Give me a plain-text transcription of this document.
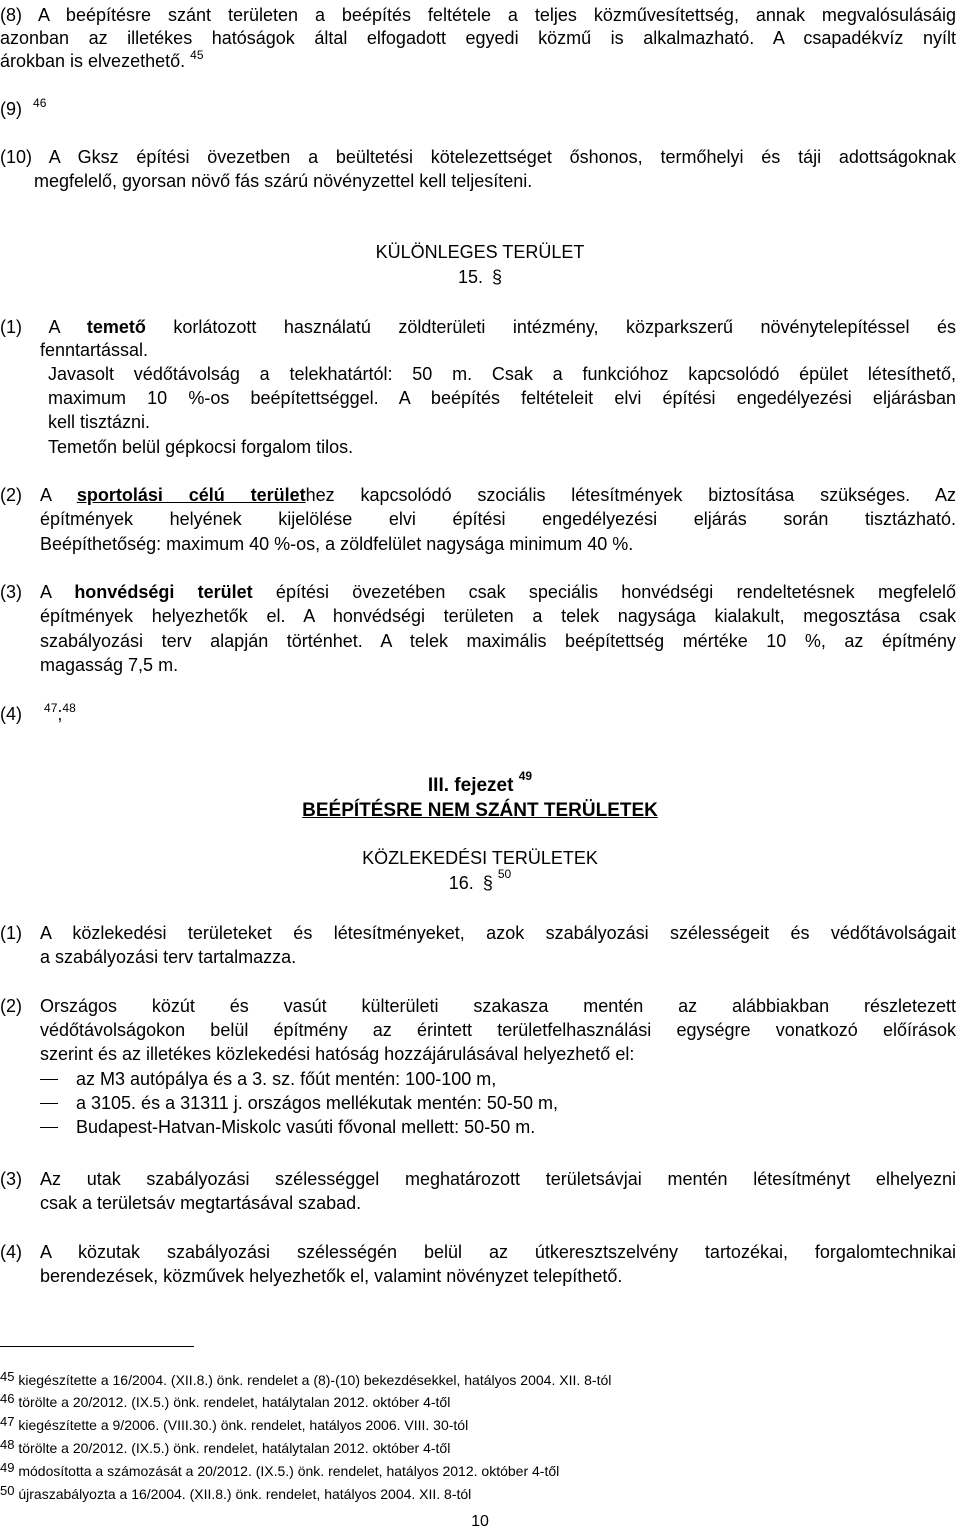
(8) A beépítésre szánt területen a beépítés feltétele a teljes közművesítettség, annak megvalósulásáig
azonban az illetékes hatóságok által elfogadott egyedi közmű is alkalmazható. A csapadékvíz nyílt
árokban is elvezethető. $^{45}$
(9) $^{46}$
(10) A Gksz építési övezetben a beültetési kötelezettséget őshonos, termőhelyi és táji adottságoknak
megfelelő, gyorsan növő fás szárú növényzettel kell teljesíteni.
KÜLÖNLEGES TERÜLET
15. §
(1) A temető korlátozott használatú zöldterületi intézmény, közparkszerű növénytelepítéssel és
fenntartással.
Javasolt védőtávolság a telekhatártól: 50 m. Csak a funkcióhoz kapcsolódó épület létesíthető,
maximum 10 %-os beépítettséggel. A beépítés feltételeit elvi építési engedélyezési eljárásban
kell tisztázni.
Temetőn belül gépkocsi forgalom tilos.
(2) A sportolási célú területhez kapcsolódó szociális létesítmények biztosítása szükséges. Az
építmények helyének kijelölése elvi építési engedélyezési eljárás során tisztázható.
Beépíthetőség: maximum 40 %-os, a zöldfelület nagysága minimum 40 %.
(3) A honvédségi terület építési övezetében csak speciális honvédségi rendeltetésnek megfelelő
építmények helyezhetők el. A honvédségi területen a telek nagysága kialakult, megosztása csak
szabályozási terv alapján történhet. A telek maximális beépítettség mértéke 10 %, az építmény
magasság 7,5 m.
(4) $^{47}$;$^{48}$
III. fejezet $^{49}$
BEÉPÍTÉSRE NEM SZÁNT TERÜLETEK
KÖZLEKEDÉSI TERÜLETEK
16. § $^{50}$
(1) A közlekedési területeket és létesítményeket, azok szabályozási szélességeit és védőtávolságait
a szabályozási terv tartalmazza.
(2) Országos közút és vasút külterületi szakasza mentén az alábbiakban részletezett
védőtávolságokon belül építmény az érintett területfelhasználási egységre vonatkozó előírások
szerint és az illetékes közlekedési hatóság hozzájárulásával helyezhető el:
az M3 autópálya és a 3. sz. főút mentén: 100-100 m,
a 3105. és a 31311 j. országos mellékutak mentén: 50-50 m,
Budapest-Hatvan-Miskolc vasúti fővonal mellett: 50-50 m.
(3) Az utak szabályozási szélességgel meghatározott területsávjai mentén létesítményt elhelyezni
csak a területsáv megtartásával szabad.
(4) A közutak szabályozási szélességén belül az útkeresztszelvény tartozékai, forgalomtechnikai
berendezések, közművek helyezhetők el, valamint növényzet telepíthető.
45 kiegészítette a 16/2004. (XII.8.) önk. rendelet a (8)-(10) bekezdésekkel, hatályos 2004. XII. 8-tól
46 törölte a 20/2012. (IX.5.) önk. rendelet, hatálytalan 2012. október 4-től
47 kiegészítette a 9/2006. (VIII.30.) önk. rendelet, hatályos 2006. VIII. 30-tól
48 törölte a 20/2012. (IX.5.) önk. rendelet, hatálytalan 2012. október 4-től
49 módosította a számozását a 20/2012. (IX.5.) önk. rendelet, hatályos 2012. október 4-től
50 újraszabályozta a 16/2004. (XII.8.) önk. rendelet, hatályos 2004. XII. 8-tól
10
